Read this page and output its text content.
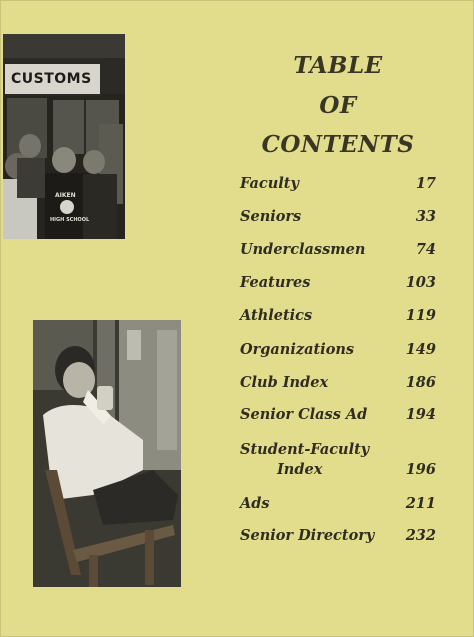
CUSTOMS
AIKEN
HIGH SCHOOL
TABLE
OF
CONTENTS
Faculty	17
Seniors	33
Underclassmen	74
Features	103
Athletics	119
Organizations	149
Club Index	186
Senior Class Ad	194
Student-Faculty
Index	196
Ads	211
Senior Directory 232
